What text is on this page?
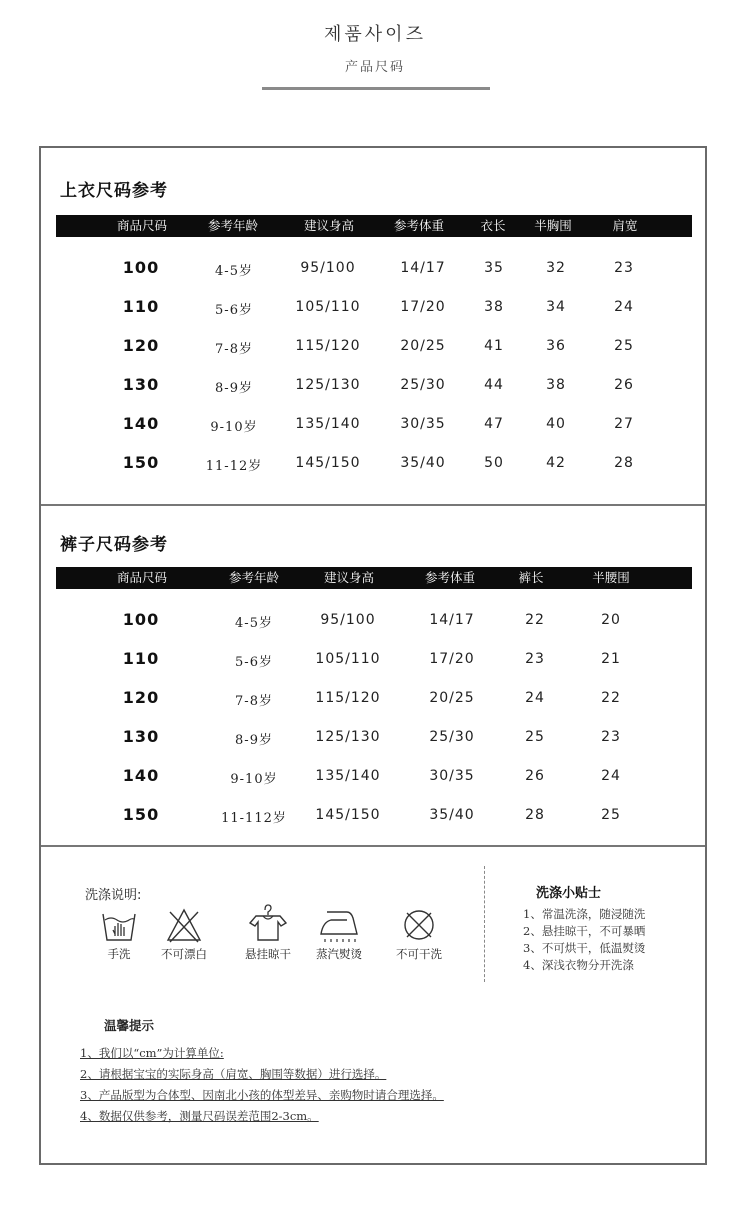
제품사이즈
产品尺码
上衣尺码参考
商品尺码	参考年龄	建议身高	参考体重	衣长 半胸围	肩宽
100	4-5岁	95/100	14/17	35	32	23
110	5-6岁	105/110	17/20	38	34	24
120	7-8岁	115/120	20/25	41	36	25
130	8-9岁	125/130	25/30	44	38	26
140	9-10岁	135/140	30/35	47	40	27
150	11-12岁 145/150	35/40	50	42	28
裤子尺码参考
商品尺码	参考年龄	建议身高	参考体重	裤长	半腰围
100	4-5岁	95/100	14/17	22	20
110	5-6岁	105/110	17/20	23	21
120	7-8岁	115/120	20/25	24	22
130	8-9岁	125/130	25/30	25	23
140	9-10岁	135/140	30/35	26	24
150	11-112岁 145/150	35/40	28	25
洗涤说明:
手洗	不可漂白	悬挂晾干 蒸汽熨烫	不可干洗
洗涤小贴士
1、常温洗涤，随浸随洗
2、悬挂晾干，不可暴晒
3、不可烘干，低温熨烫
4、深浅衣物分开洗涤
温馨提示
1、我们以“cm”为计算单位:
2、请根据宝宝的实际身高（肩宽、胸围等数据）进行选择。
3、产品版型为合体型、因南北小孩的体型差异、亲购物时请合理选择。
4、数据仅供参考，测量尺码误差范围2-3cm。
